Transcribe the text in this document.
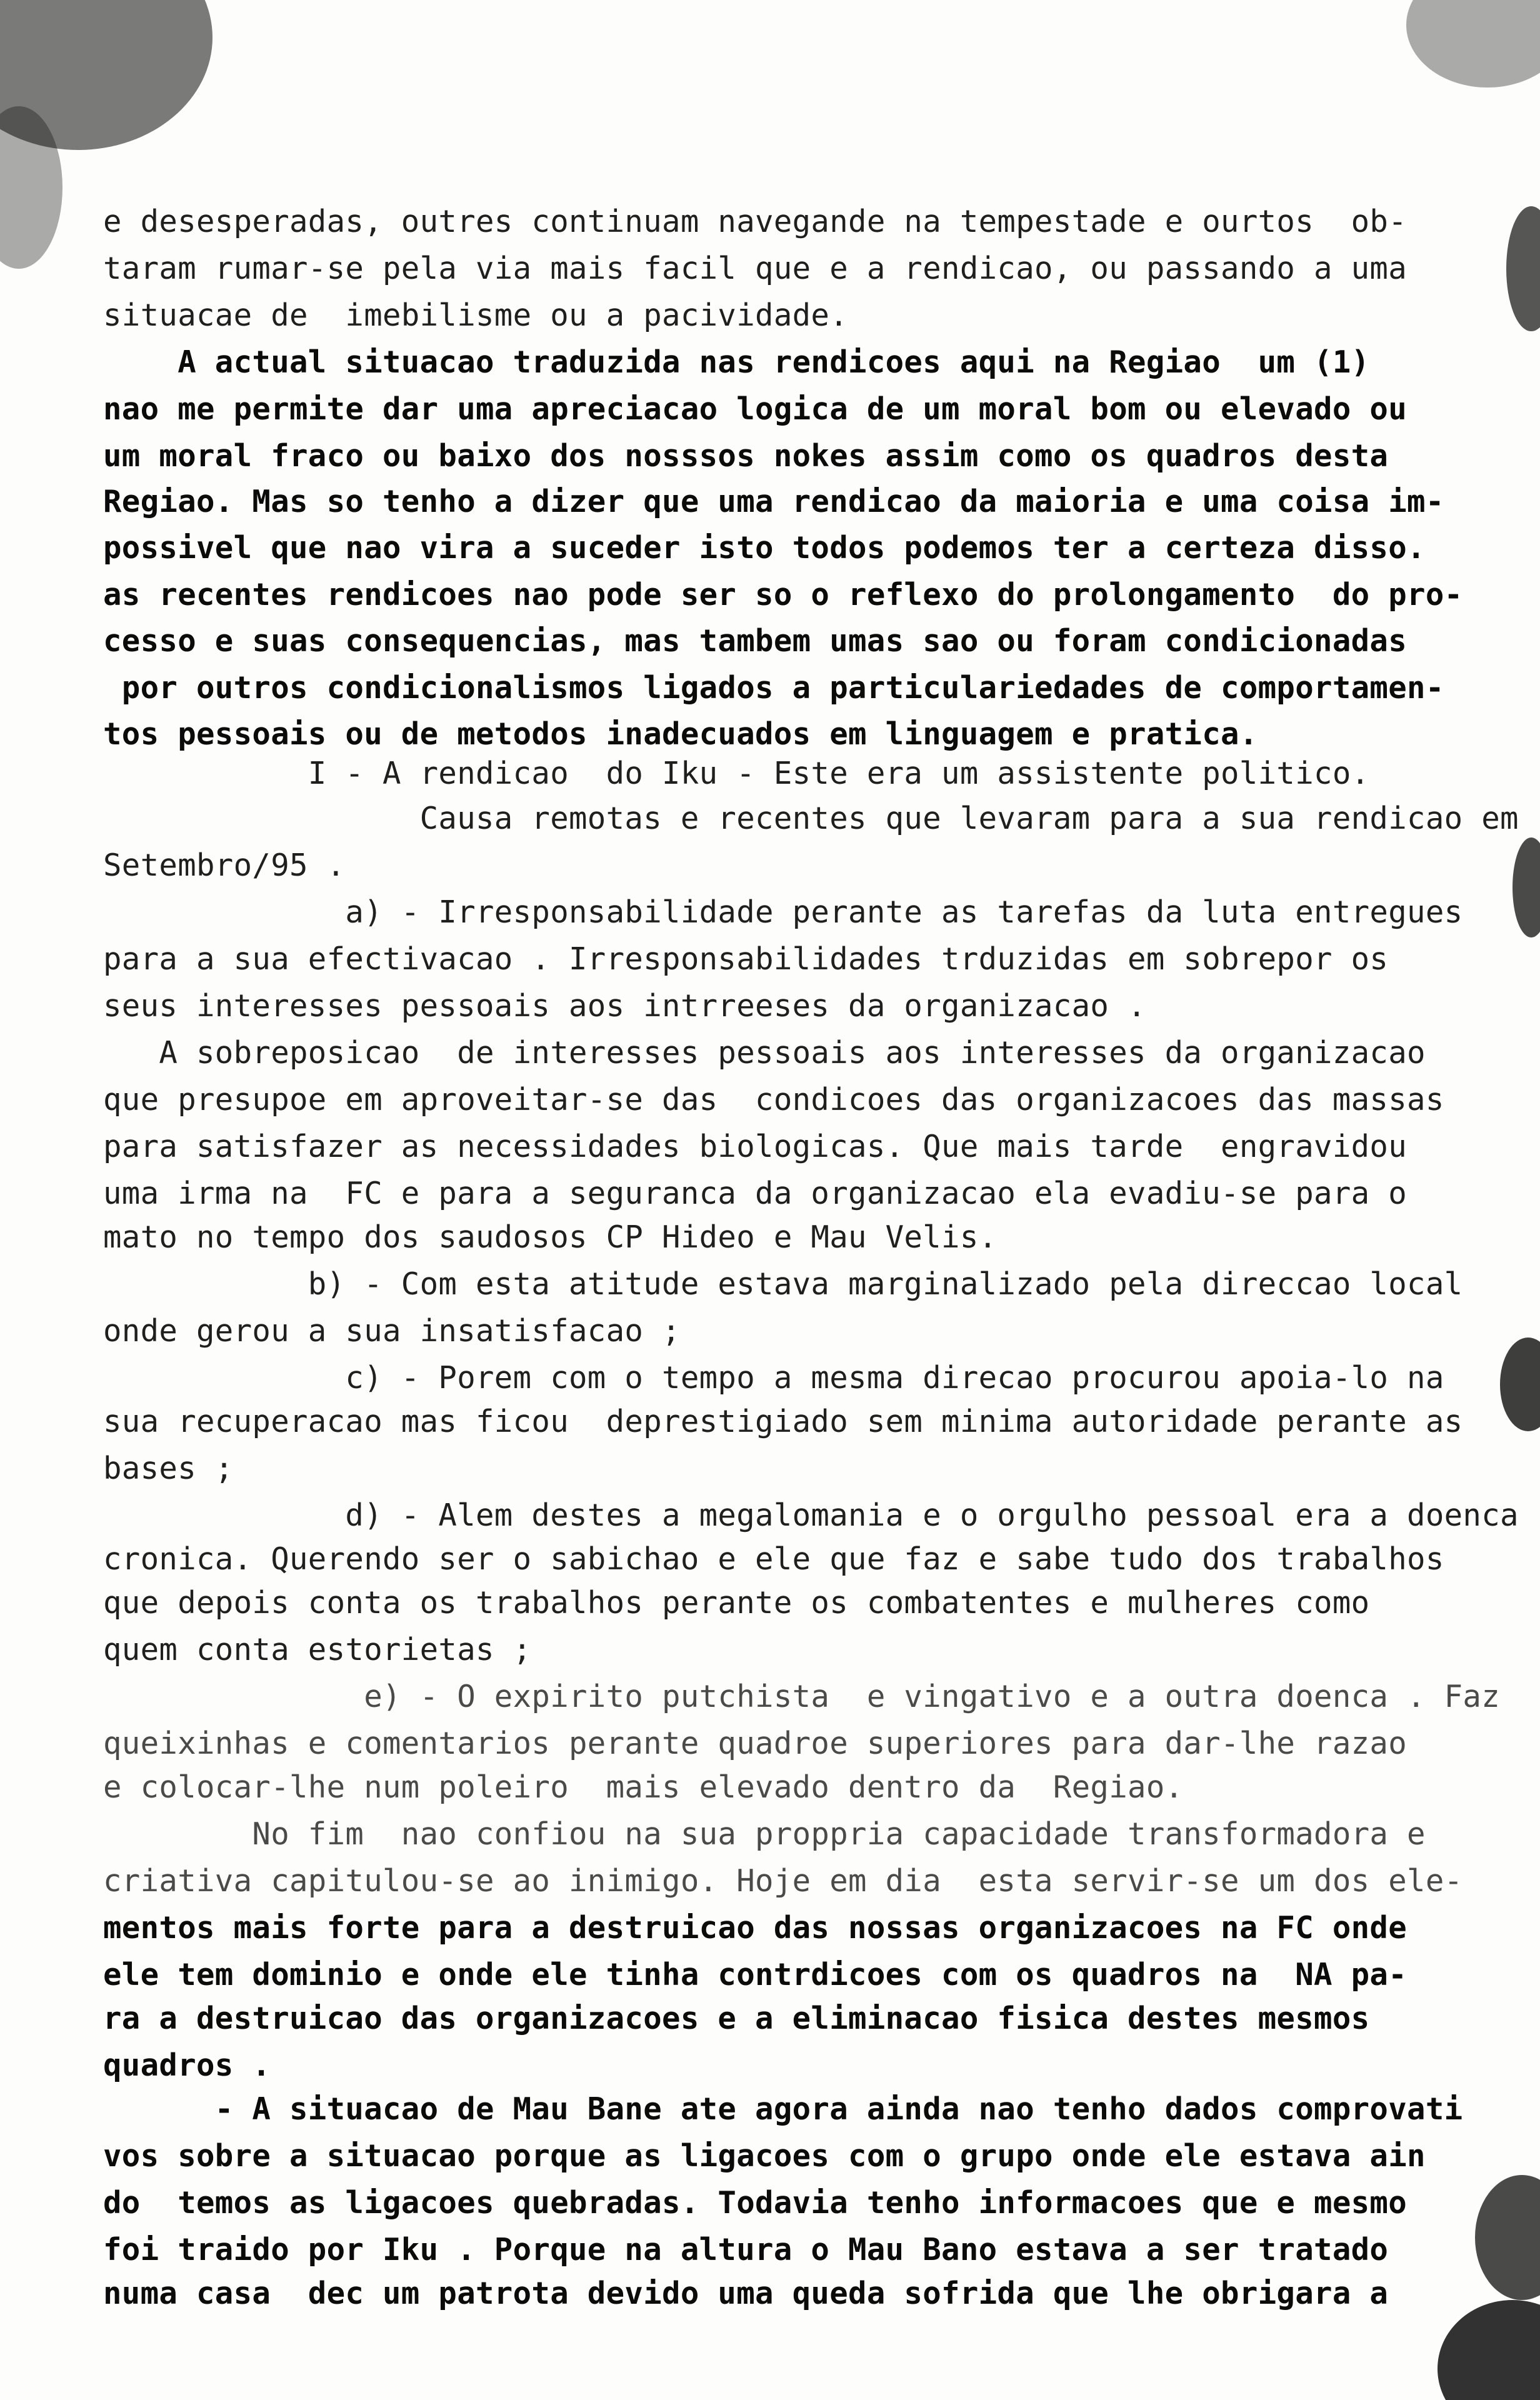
e desesperadas, outres continuam navegande na tempestade e ourtos  ob-
taram rumar-se pela via mais facil que e a rendicao, ou passando a uma
situacae de  imebilisme ou a pacividade.
A actual situacao traduzida nas rendicoes aqui na Regiao  um (1)
nao me permite dar uma apreciacao logica de um moral bom ou elevado ou
um moral fraco ou baixo dos nosssos nokes assim como os quadros desta
Regiao. Mas so tenho a dizer que uma rendicao da maioria e uma coisa im-
possivel que nao vira a suceder isto todos podemos ter a certeza disso.
as recentes rendicoes nao pode ser so o reflexo do prolongamento  do pro-
cesso e suas consequencias, mas tambem umas sao ou foram condicionadas
por outros condicionalismos ligados a particulariedades de comportamen-
tos pessoais ou de metodos inadecuados em linguagem e pratica.
I - A rendicao  do Iku - Este era um assistente politico.
Causa remotas e recentes que levaram para a sua rendicao em
Setembro/95 .
a) - Irresponsabilidade perante as tarefas da luta entregues
para a sua efectivacao . Irresponsabilidades trduzidas em sobrepor os
seus interesses pessoais aos intrreeses da organizacao .
A sobreposicao  de interesses pessoais aos interesses da organizacao
que presupoe em aproveitar-se das  condicoes das organizacoes das massas
para satisfazer as necessidades biologicas. Que mais tarde  engravidou
uma irma na  FC e para a seguranca da organizacao ela evadiu-se para o
mato no tempo dos saudosos CP Hideo e Mau Velis.
b) - Com esta atitude estava marginalizado pela direccao local
onde gerou a sua insatisfacao ;
c) - Porem com o tempo a mesma direcao procurou apoia-lo na
sua recuperacao mas ficou  deprestigiado sem minima autoridade perante as
bases ;
d) - Alem destes a megalomania e o orgulho pessoal era a doenca
cronica. Querendo ser o sabichao e ele que faz e sabe tudo dos trabalhos
que depois conta os trabalhos perante os combatentes e mulheres como
quem conta estorietas ;
e) - O expirito putchista  e vingativo e a outra doenca . Faz
queixinhas e comentarios perante quadroe superiores para dar-lhe razao
e colocar-lhe num poleiro  mais elevado dentro da  Regiao.
No fim  nao confiou na sua proppria capacidade transformadora e
criativa capitulou-se ao inimigo. Hoje em dia  esta servir-se um dos ele-
mentos mais forte para a destruicao das nossas organizacoes na FC onde
ele tem dominio e onde ele tinha contrdicoes com os quadros na  NA pa-
ra a destruicao das organizacoes e a eliminacao fisica destes mesmos
quadros .
- A situacao de Mau Bane ate agora ainda nao tenho dados comprovati
vos sobre a situacao porque as ligacoes com o grupo onde ele estava ain
do  temos as ligacoes quebradas. Todavia tenho informacoes que e mesmo
foi traido por Iku . Porque na altura o Mau Bano estava a ser tratado
numa casa  dec um patrota devido uma queda sofrida que lhe obrigara a
